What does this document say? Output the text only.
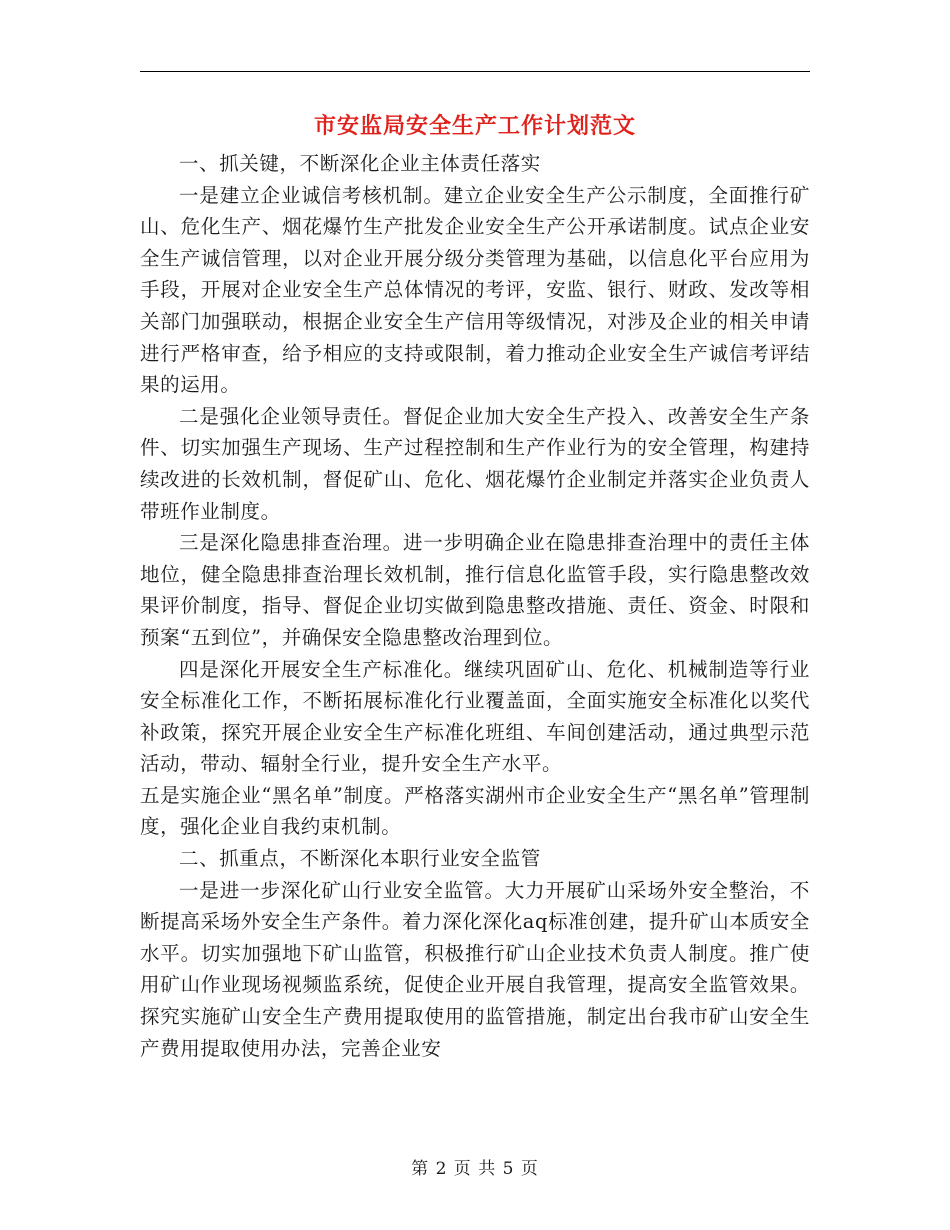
市安监局安全生产工作计划范文

一、抓关键，不断深化企业主体责任落实

一是建立企业诚信考核机制。建立企业安全生产公示制度，全面推行矿山、危化生产、烟花爆竹生产批发企业安全生产公开承诺制度。试点企业安全生产诚信管理，以对企业开展分级分类管理为基础，以信息化平台应用为手段，开展对企业安全生产总体情况的考评，安监、银行、财政、发改等相关部门加强联动，根据企业安全生产信用等级情况，对涉及企业的相关申请进行严格审查，给予相应的支持或限制，着力推动企业安全生产诚信考评结果的运用。

二是强化企业领导责任。督促企业加大安全生产投入、改善安全生产条件、切实加强生产现场、生产过程控制和生产作业行为的安全管理，构建持续改进的长效机制，督促矿山、危化、烟花爆竹企业制定并落实企业负责人带班作业制度。

三是深化隐患排查治理。进一步明确企业在隐患排查治理中的责任主体地位，健全隐患排查治理长效机制，推行信息化监管手段，实行隐患整改效果评价制度，指导、督促企业切实做到隐患整改措施、责任、资金、时限和预案“五到位”，并确保安全隐患整改治理到位。

四是深化开展安全生产标准化。继续巩固矿山、危化、机械制造等行业安全标准化工作，不断拓展标准化行业覆盖面，全面实施安全标准化以奖代补政策，探究开展企业安全生产标准化班组、车间创建活动，通过典型示范活动，带动、辐射全行业，提升安全生产水平。

五是实施企业“黑名单”制度。严格落实湖州市企业安全生产“黑名单”管理制度，强化企业自我约束机制。

二、抓重点，不断深化本职行业安全监管

一是进一步深化矿山行业安全监管。大力开展矿山采场外安全整治，不断提高采场外安全生产条件。着力深化深化aq标准创建，提升矿山本质安全水平。切实加强地下矿山监管，积极推行矿山企业技术负责人制度。推广使用矿山作业现场视频监系统，促使企业开展自我管理，提高安全监管效果。探究实施矿山安全生产费用提取使用的监管措施，制定出台我市矿山安全生产费用提取使用办法，完善企业安

第 2 页 共 5 页
